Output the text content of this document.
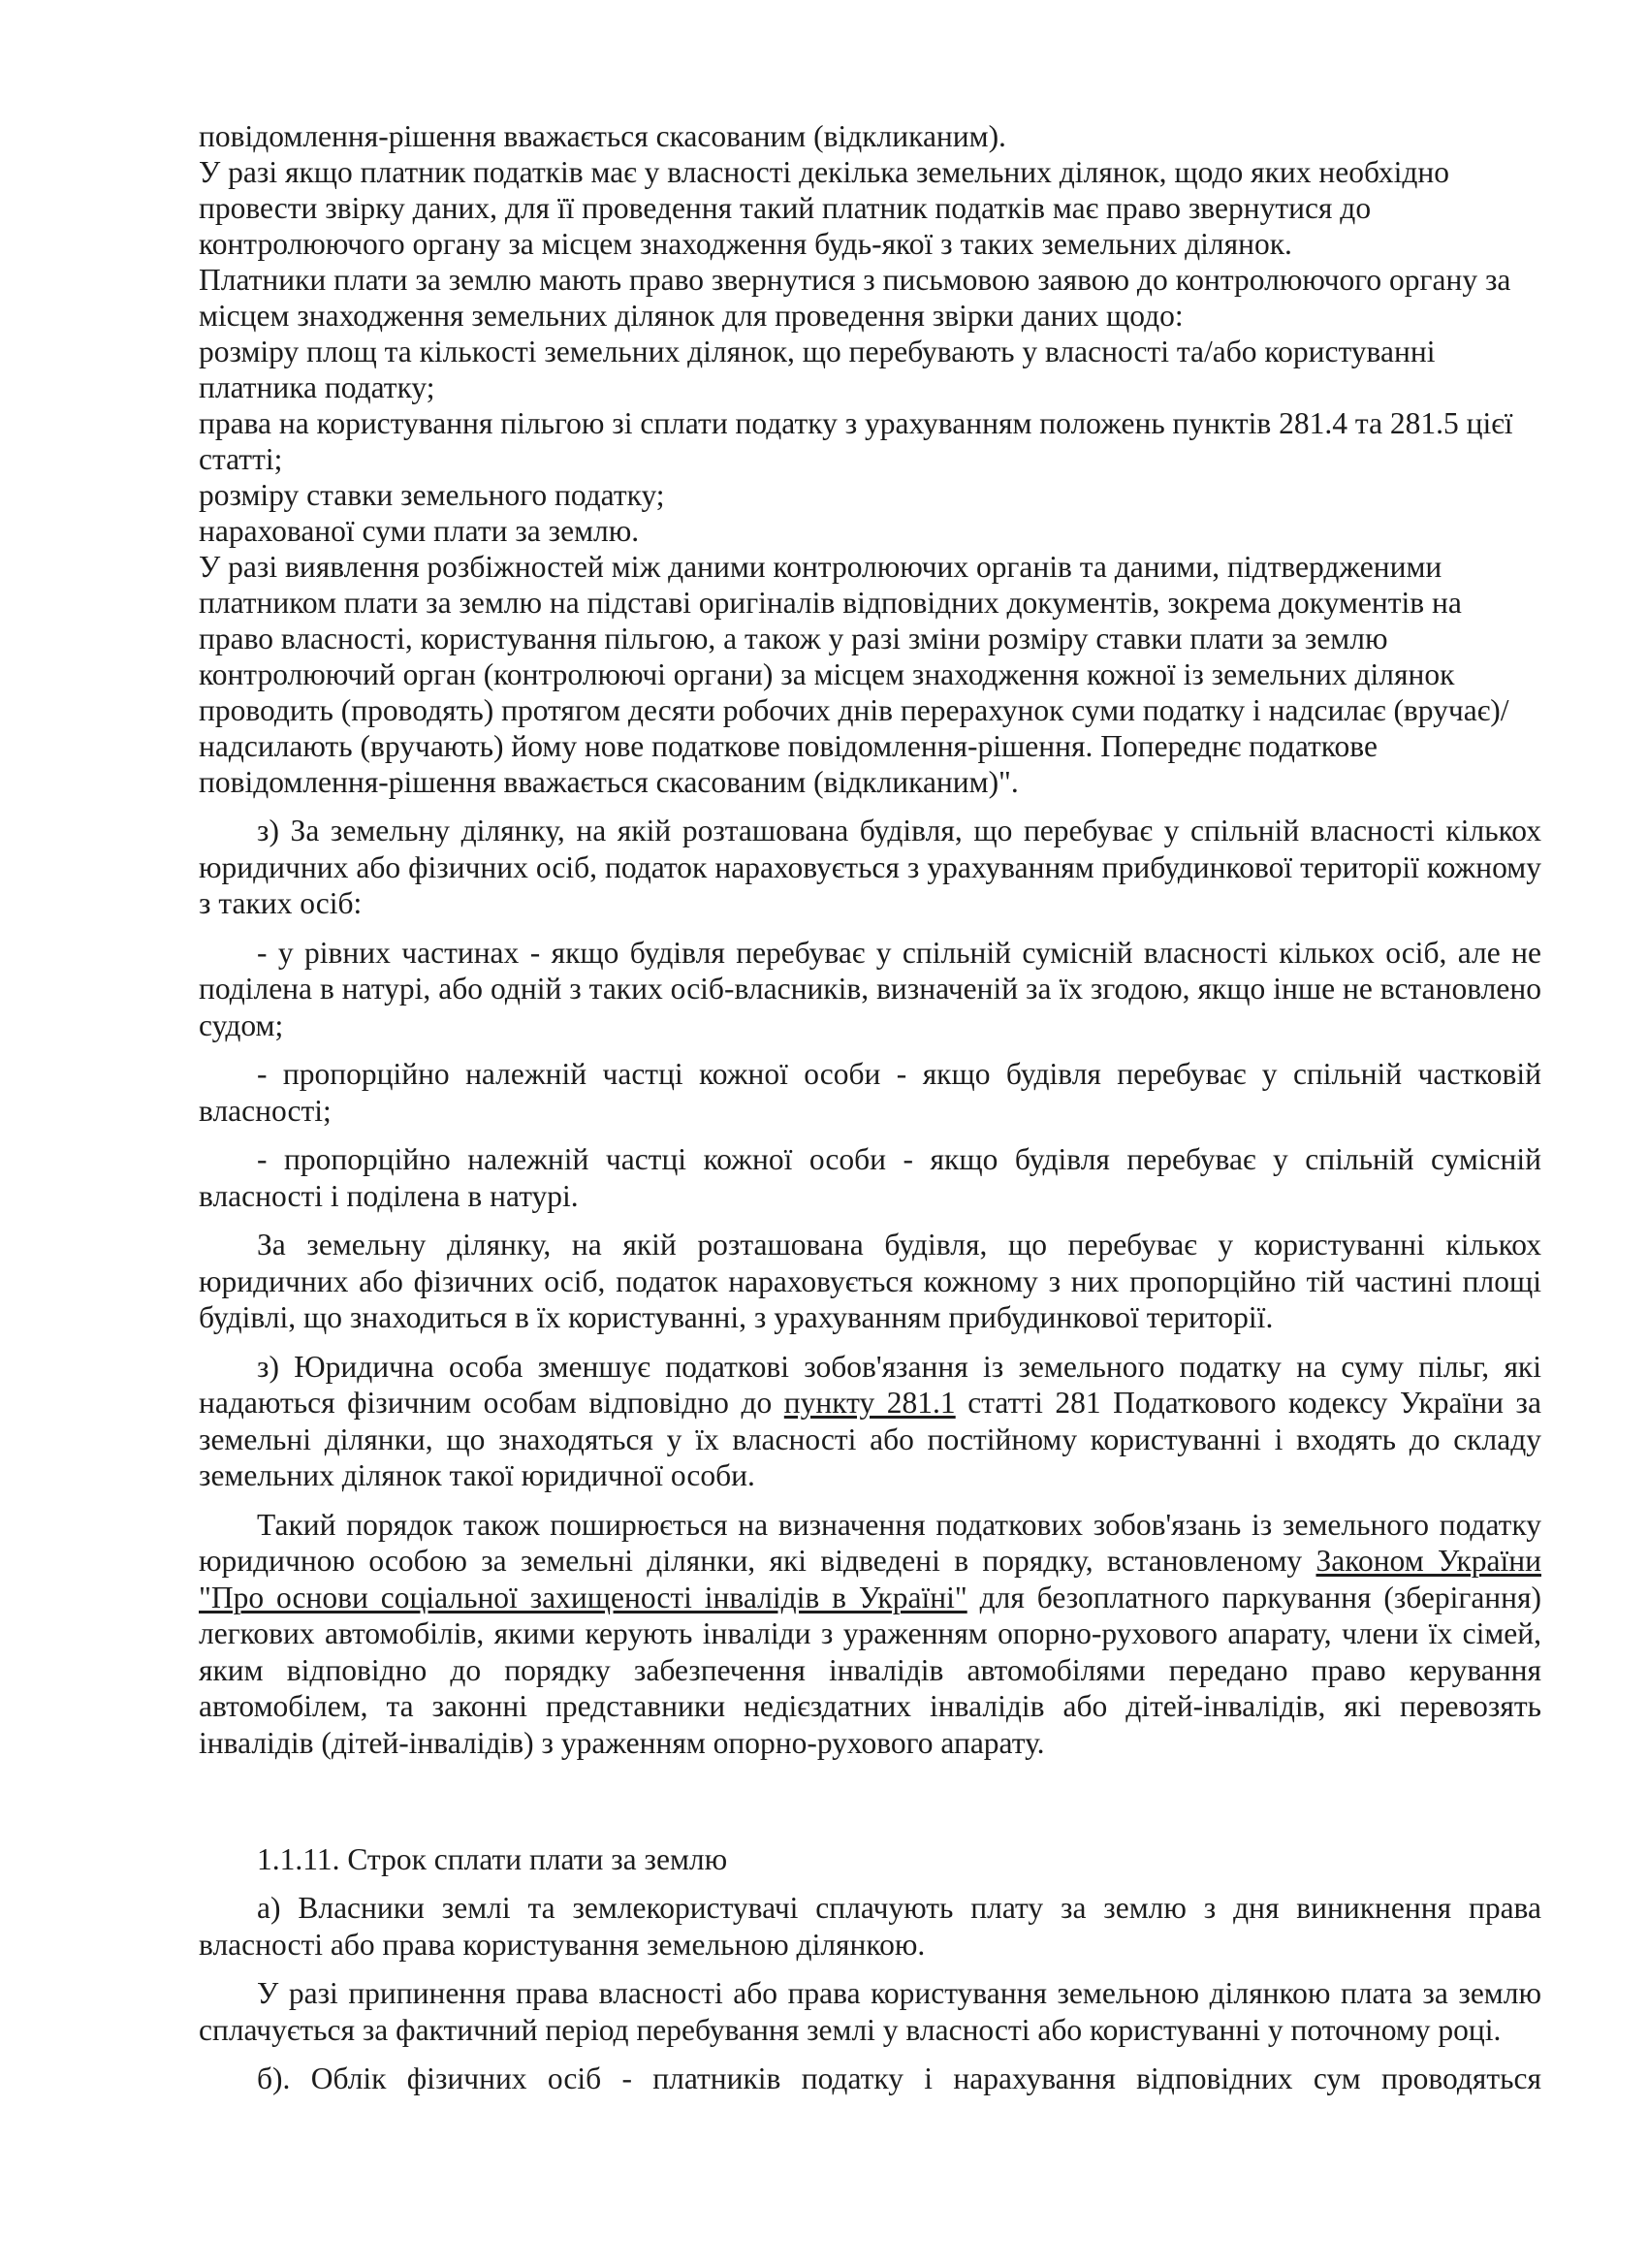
повідомлення-рішення вважається скасованим (відкликаним).

У разі якщо платник податків має у власності декілька земельних ділянок, щодо яких необхідно провести звірку даних, для її проведення такий платник податків має право звернутися до контролюючого органу за місцем знаходження будь-якої з таких земельних ділянок.

Платники плати за землю мають право звернутися з письмовою заявою до контролюючого органу за місцем знаходження земельних ділянок для проведення звірки даних щодо:

розміру площ та кількості земельних ділянок, що перебувають у власності та/або користуванні платника податку;

права на користування пільгою зі сплати податку з урахуванням положень пунктів 281.4 та 281.5 цієї статті;

розміру ставки земельного податку;

нарахованої суми плати за землю.

У разі виявлення розбіжностей між даними контролюючих органів та даними, підтвердженими платником плати за землю на підставі оригіналів відповідних документів, зокрема документів на право власності, користування пільгою, а також у разі зміни розміру ставки плати за землю контролюючий орган (контролюючі органи) за місцем знаходження кожної із земельних ділянок проводить (проводять) протягом десяти робочих днів перерахунок суми податку і надсилає (вручає)/надсилають (вручають) йому нове податкове повідомлення-рішення. Попереднє податкове повідомлення-рішення вважається скасованим (відкликаним)".

з) За земельну ділянку, на якій розташована будівля, що перебуває у спільній власності кількох юридичних або фізичних осіб, податок нараховується з урахуванням прибудинкової території кожному з таких осіб:

- у рівних частинах - якщо будівля перебуває у спільній сумісній власності кількох осіб, але не поділена в натурі, або одній з таких осіб-власників, визначеній за їх згодою, якщо інше не встановлено судом;

- пропорційно належній частці кожної особи - якщо будівля перебуває у спільній частковій власності;

- пропорційно належній частці кожної особи - якщо будівля перебуває у спільній сумісній власності і поділена в натурі.

За земельну ділянку, на якій розташована будівля, що перебуває у користуванні кількох юридичних або фізичних осіб, податок нараховується кожному з них пропорційно тій частині площі будівлі, що знаходиться в їх користуванні, з урахуванням прибудинкової території.

з) Юридична особа зменшує податкові зобов'язання із земельного податку на суму пільг, які надаються фізичним особам відповідно до пункту 281.1 статті 281 Податкового кодексу України за земельні ділянки, що знаходяться у їх власності або постійному користуванні і входять до складу земельних ділянок такої юридичної особи.

Такий порядок також поширюється на визначення податкових зобов'язань із земельного податку юридичною особою за земельні ділянки, які відведені в порядку, встановленому Законом України "Про основи соціальної захищеності інвалідів в Україні" для безоплатного паркування (зберігання) легкових автомобілів, якими керують інваліди з ураженням опорно-рухового апарату, члени їх сімей, яким відповідно до порядку забезпечення інвалідів автомобілями передано право керування автомобілем, та законні представники недієздатних інвалідів або дітей-інвалідів, які перевозять інвалідів (дітей-інвалідів) з ураженням опорно-рухового апарату.

1.1.11. Строк сплати плати за землю

а) Власники землі та землекористувачі сплачують плату за землю з дня виникнення права власності або права користування земельною ділянкою.

У разі припинення права власності або права користування земельною ділянкою плата за землю сплачується за фактичний період перебування землі у власності або користуванні у поточному році.

б). Облік фізичних осіб - платників податку і нарахування відповідних сум проводяться
